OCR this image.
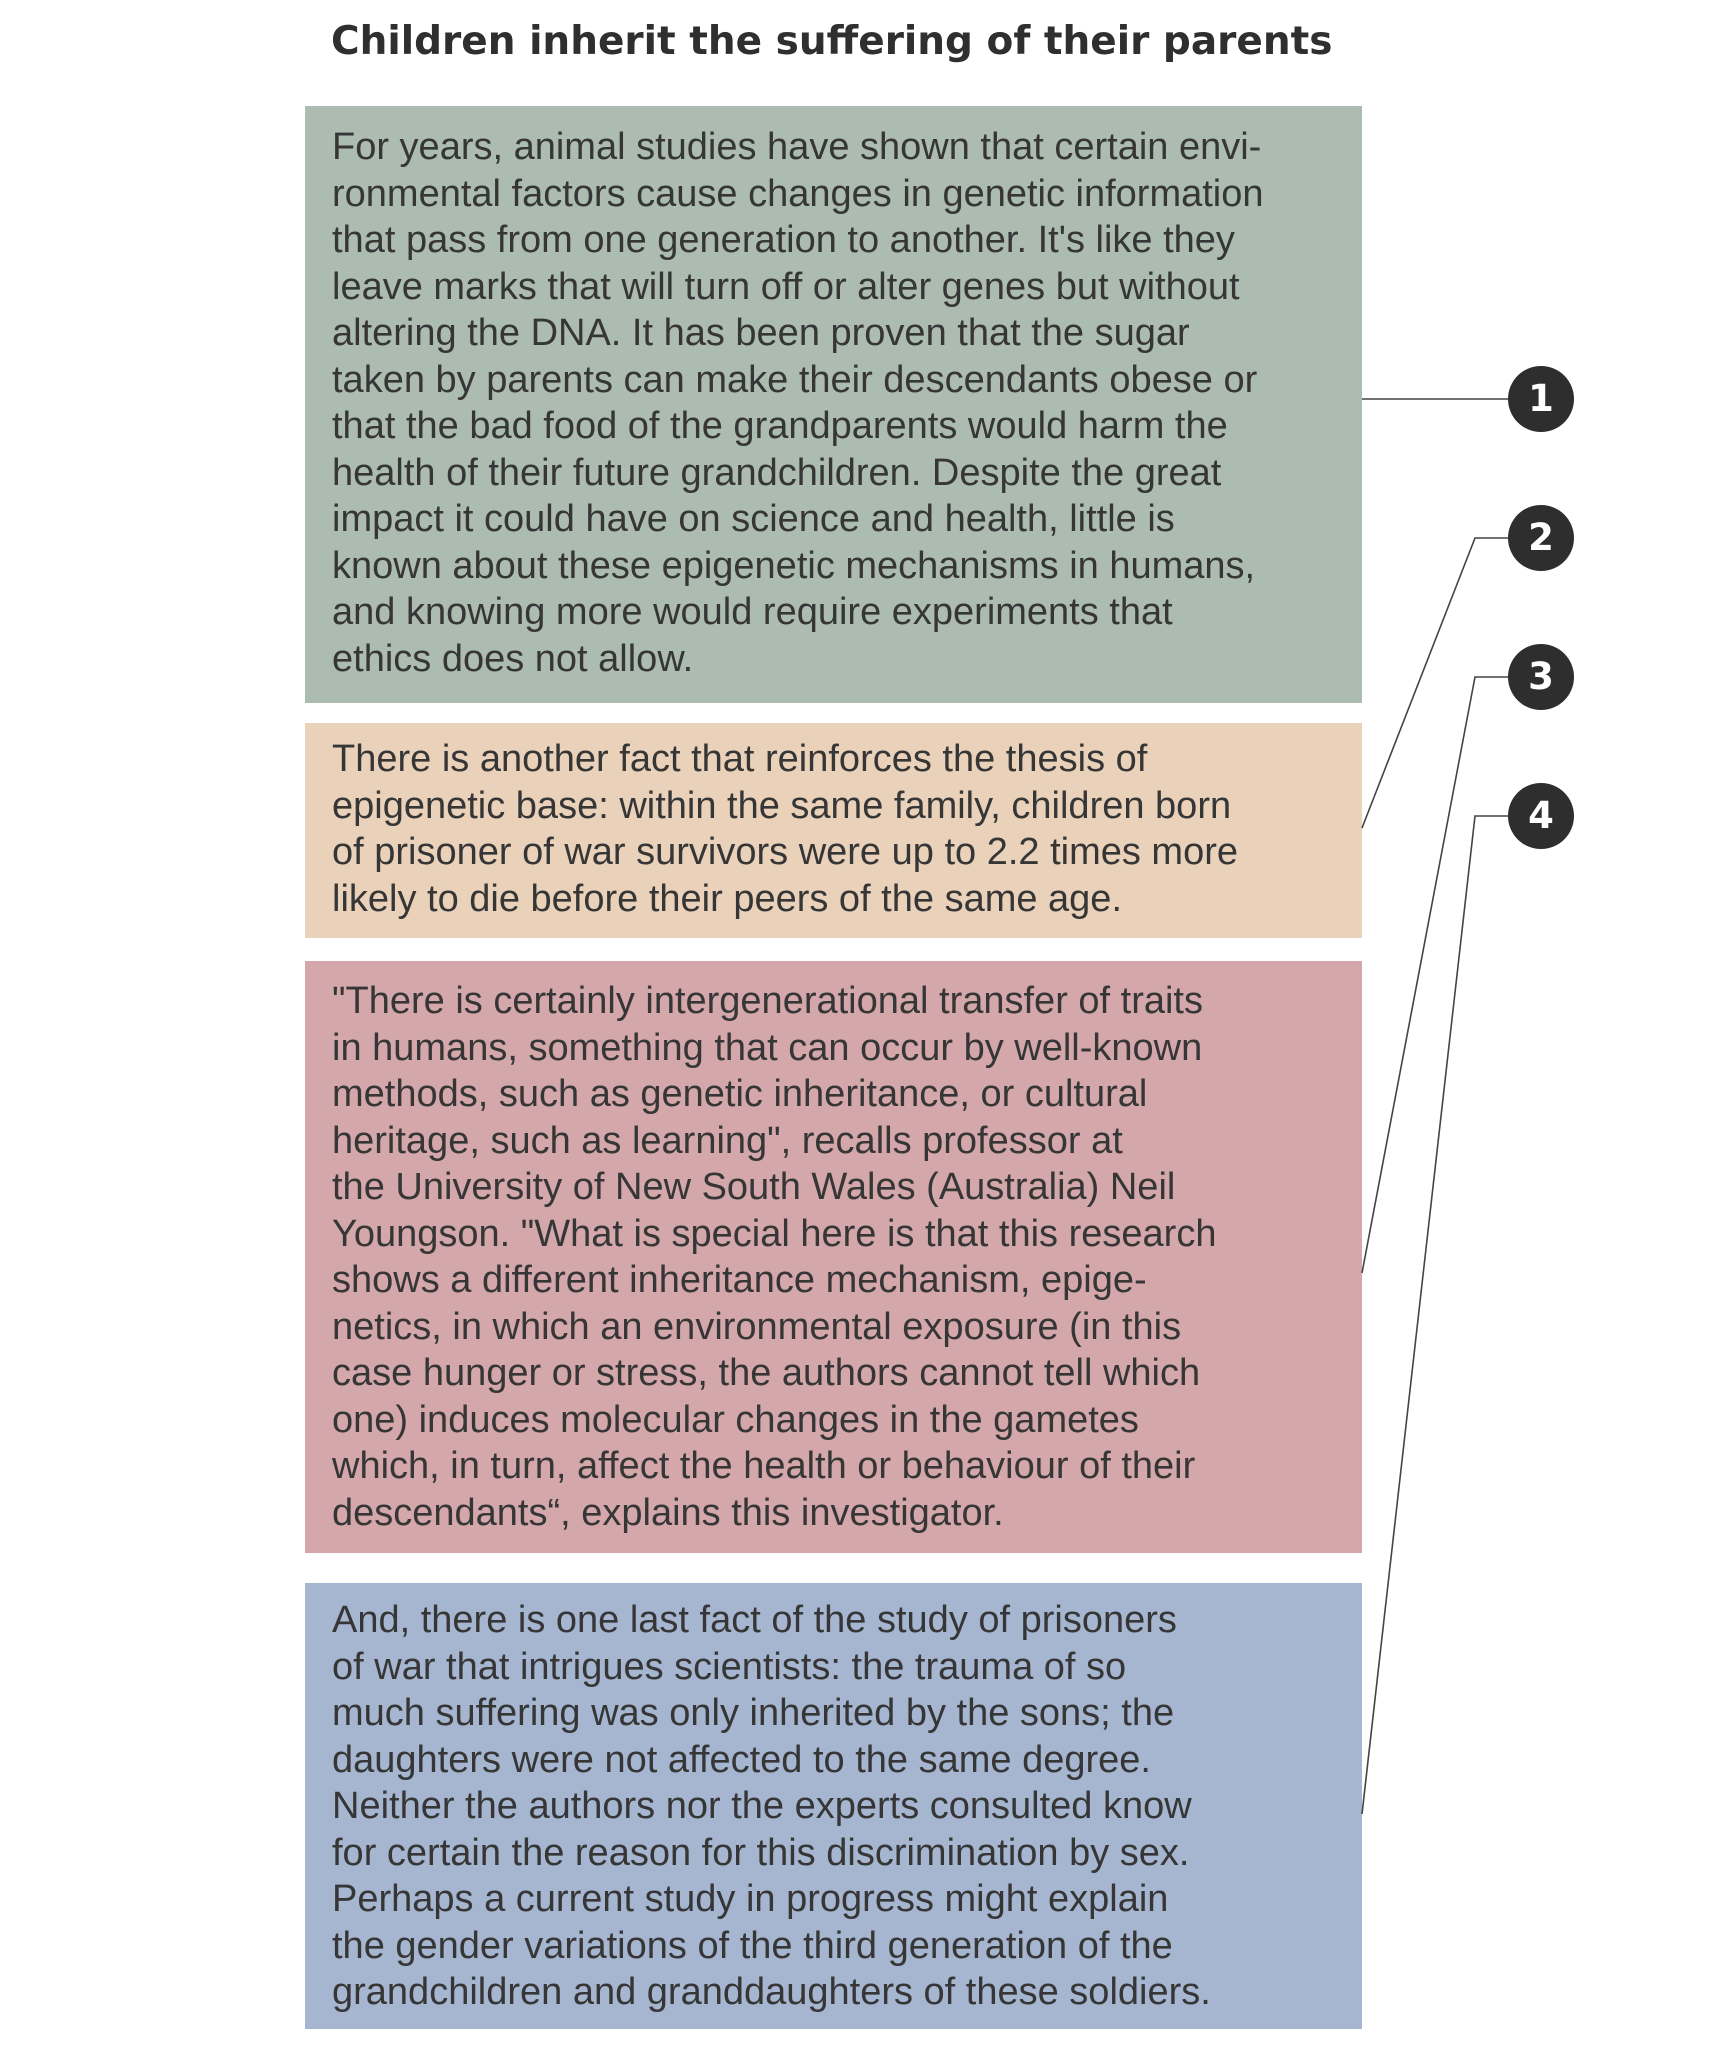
Children inherit the suffering of their parents
For years, animal studies have shown that certain envi-
ronmental factors cause changes in genetic information
that pass from one generation to another. It's like they
leave marks that will turn off or alter genes but without
altering the DNA. It has been proven that the sugar
taken by parents can make their descendants obese or
that the bad food of the grandparents would harm the
health of their future grandchildren. Despite the great
impact it could have on science and health, little is
known about these epigenetic mechanisms in humans,
and knowing more would require experiments that
ethics does not allow.
There is another fact that reinforces the thesis of
epigenetic base: within the same family, children born
of prisoner of war survivors were up to 2.2 times more
likely to die before their peers of the same age.
"There is certainly intergenerational transfer of traits
in humans, something that can occur by well-known
methods, such as genetic inheritance, or cultural
heritage, such as learning", recalls professor at
the University of New South Wales (Australia) Neil
Youngson. "What is special here is that this research
shows a different inheritance mechanism, epige-
netics, in which an environmental exposure (in this
case hunger or stress, the authors cannot tell which
one) induces molecular changes in the gametes
which, in turn, affect the health or behaviour of their
descendants“, explains this investigator.
And, there is one last fact of the study of prisoners
of war that intrigues scientists: the trauma of so
much suffering was only inherited by the sons; the
daughters were not affected to the same degree.
Neither the authors nor the experts consulted know
for certain the reason for this discrimination by sex.
Perhaps a current study in progress might explain
the gender variations of the third generation of the
grandchildren and granddaughters of these soldiers.
1
2
3
4
